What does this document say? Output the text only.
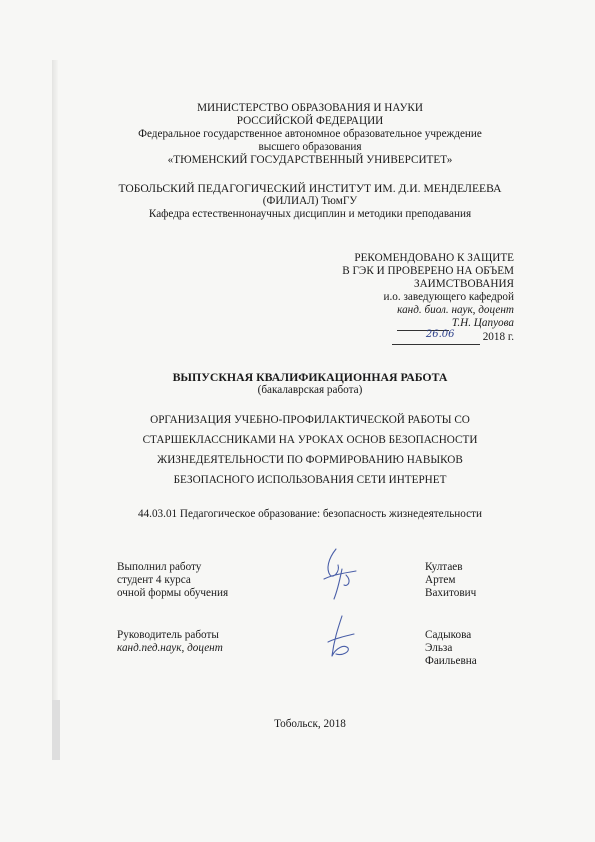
МИНИСТЕРСТВО ОБРАЗОВАНИЯ И НАУКИ
РОССИЙСКОЙ ФЕДЕРАЦИИ
Федеральное государственное автономное образовательное учреждение
высшего образования
«ТЮМЕНСКИЙ ГОСУДАРСТВЕННЫЙ УНИВЕРСИТЕТ»
ТОБОЛЬСКИЙ ПЕДАГОГИЧЕСКИЙ ИНСТИТУТ ИМ. Д.И. МЕНДЕЛЕЕВА
(ФИЛИАЛ) ТюмГУ
Кафедра естественнонаучных дисциплин и методики преподавания
РЕКОМЕНДОВАНО К ЗАЩИТЕ
В ГЭК И ПРОВЕРЕНО НА ОБЪЕМ
ЗАИМСТВОВАНИЯ
и.о. заведующего кафедрой
канд. биол. наук, доцент
Т.Н. Цапуова
26.06	2018 г.
ВЫПУСКНАЯ КВАЛИФИКАЦИОННАЯ РАБОТА
(бакалаврская работа)
ОРГАНИЗАЦИЯ УЧЕБНО-ПРОФИЛАКТИЧЕСКОЙ РАБОТЫ СО
СТАРШЕКЛАССНИКАМИ НА УРОКАХ ОСНОВ БЕЗОПАСНОСТИ
ЖИЗНЕДЕЯТЕЛЬНОСТИ ПО ФОРМИРОВАНИЮ НАВЫКОВ
БЕЗОПАСНОГО ИСПОЛЬЗОВАНИЯ СЕТИ ИНТЕРНЕТ
44.03.01 Педагогическое образование: безопасность жизнедеятельности
Выполнил работу
студент 4 курса
очной формы обучения
Култаев
Артем
Вахитович
Руководитель работы
канд.пед.наук, доцент
Садыкова
Эльза
Фаильевна
Тобольск, 2018
